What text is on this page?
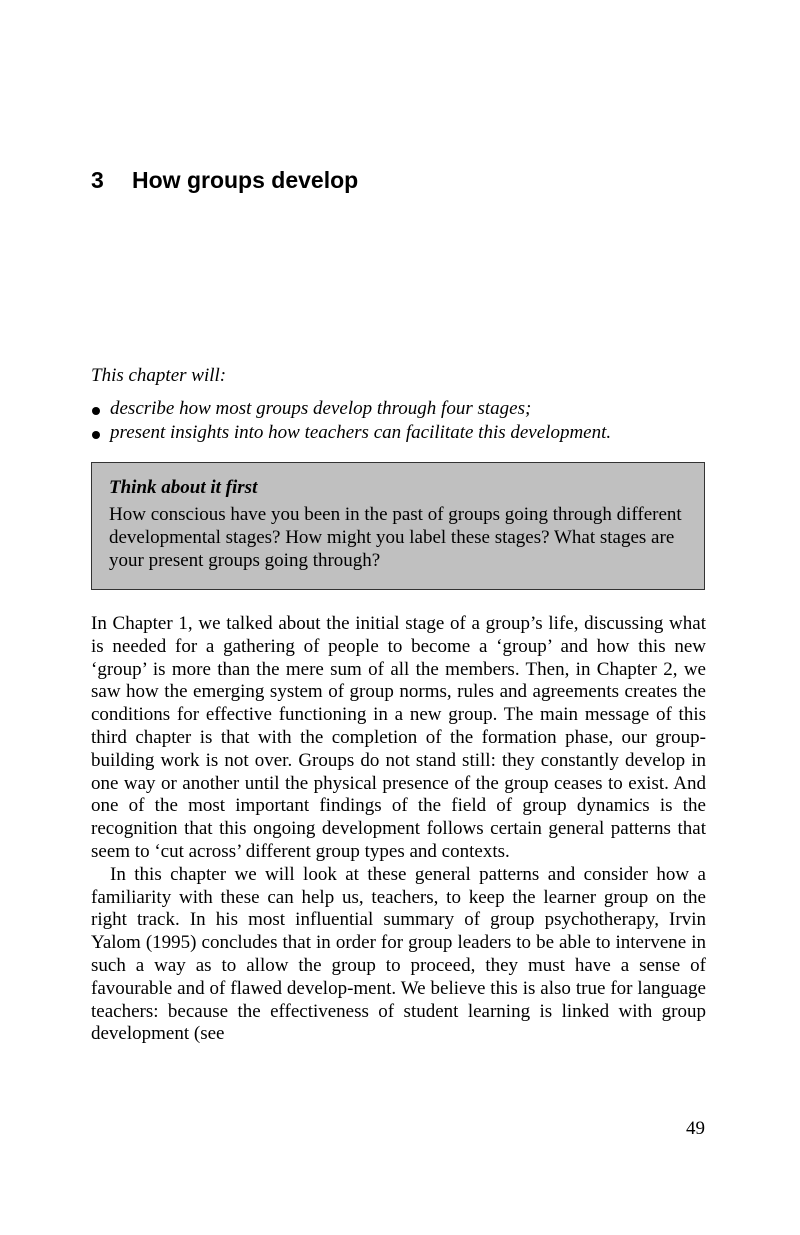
3 How groups develop

This chapter will:

describe how most groups develop through four stages;
present insights into how teachers can facilitate this development.
Think about it first

How conscious have you been in the past of groups going through different developmental stages? How might you label these stages? What stages are your present groups going through?

In Chapter 1, we talked about the initial stage of a group’s life, discussing what is needed for a gathering of people to become a ‘group’ and how this new ‘group’ is more than the mere sum of all the members. Then, in Chapter 2, we saw how the emerging system of group norms, rules and agreements creates the conditions for effective functioning in a new group. The main message of this third chapter is that with the completion of the formation phase, our group-building work is not over. Groups do not stand still: they constantly develop in one way or another until the physical presence of the group ceases to exist. And one of the most important findings of the field of group dynamics is the recognition that this ongoing development follows certain general patterns that seem to ‘cut across’ different group types and contexts.

In this chapter we will look at these general patterns and consider how a familiarity with these can help us, teachers, to keep the learner group on the right track. In his most influential summary of group psychotherapy, Irvin Yalom (1995) concludes that in order for group leaders to be able to intervene in such a way as to allow the group to proceed, they must have a sense of favourable and of flawed develop-ment. We believe this is also true for language teachers: because the effectiveness of student learning is linked with group development (see

49
